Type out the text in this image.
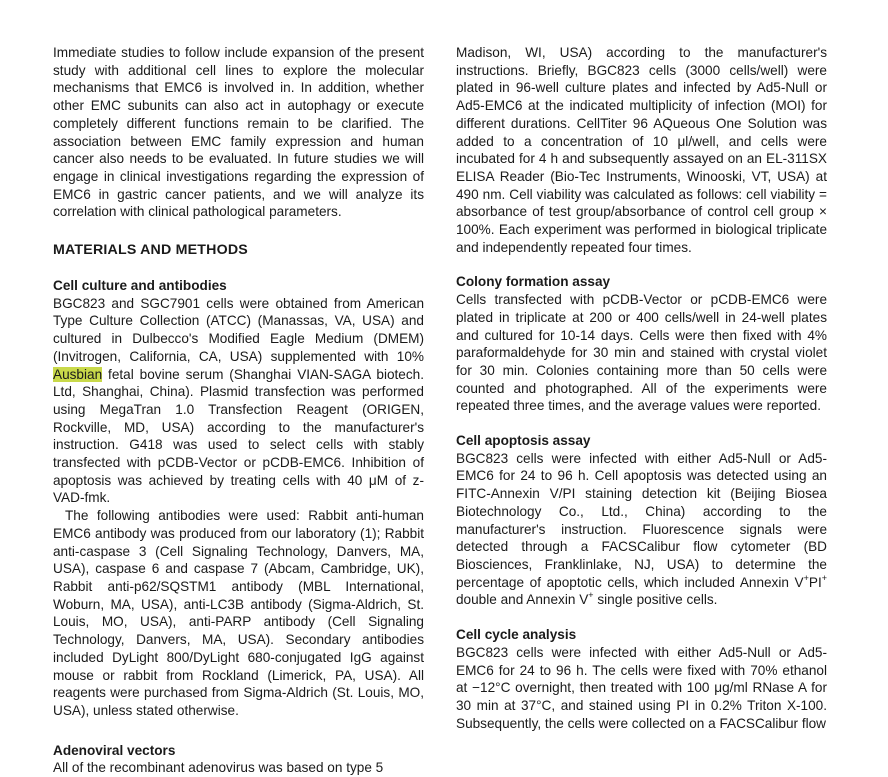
Immediate studies to follow include expansion of the present study with additional cell lines to explore the molecular mechanisms that EMC6 is involved in. In addition, whether other EMC subunits can also act in autophagy or execute completely different functions remain to be clarified. The association between EMC family expression and human cancer also needs to be evaluated. In future studies we will engage in clinical investigations regarding the expression of EMC6 in gastric cancer patients, and we will analyze its correlation with clinical pathological parameters.

MATERIALS AND METHODS
Cell culture and antibodies

BGC823 and SGC7901 cells were obtained from American Type Culture Collection (ATCC) (Manassas, VA, USA) and cultured in Dulbecco's Modified Eagle Medium (DMEM) (Invitrogen, California, CA, USA) supplemented with 10% Ausbian fetal bovine serum (Shanghai VIAN-SAGA biotech. Ltd, Shanghai, China). Plasmid transfection was performed using MegaTran 1.0 Transfection Reagent (ORIGEN, Rockville, MD, USA) according to the manufacturer's instruction. G418 was used to select cells with stably transfected with pCDB-Vector or pCDB-EMC6. Inhibition of apoptosis was achieved by treating cells with 40 μM of z-VAD-fmk.

The following antibodies were used: Rabbit anti-human EMC6 antibody was produced from our laboratory (1); Rabbit anti-caspase 3 (Cell Signaling Technology, Danvers, MA, USA), caspase 6 and caspase 7 (Abcam, Cambridge, UK), Rabbit anti-p62/SQSTM1 antibody (MBL International, Woburn, MA, USA), anti-LC3B antibody (Sigma-Aldrich, St. Louis, MO, USA), anti-PARP antibody (Cell Signaling Technology, Danvers, MA, USA). Secondary antibodies included DyLight 800/DyLight 680-conjugated IgG against mouse or rabbit from Rockland (Limerick, PA, USA). All reagents were purchased from Sigma-Aldrich (St. Louis, MO, USA), unless stated otherwise.

Adenoviral vectors

All of the recombinant adenovirus was based on type 5

Madison, WI, USA) according to the manufacturer's instructions. Briefly, BGC823 cells (3000 cells/well) were plated in 96-well culture plates and infected by Ad5-Null or Ad5-EMC6 at the indicated multiplicity of infection (MOI) for different durations. CellTiter 96 AQueous One Solution was added to a concentration of 10 μl/well, and cells were incubated for 4 h and subsequently assayed on an EL-311SX ELISA Reader (Bio-Tec Instruments, Winooski, VT, USA) at 490 nm. Cell viability was calculated as follows: cell viability = absorbance of test group/absorbance of control cell group × 100%. Each experiment was performed in biological triplicate and independently repeated four times.

Colony formation assay

Cells transfected with pCDB-Vector or pCDB-EMC6 were plated in triplicate at 200 or 400 cells/well in 24-well plates and cultured for 10-14 days. Cells were then fixed with 4% paraformaldehyde for 30 min and stained with crystal violet for 30 min. Colonies containing more than 50 cells were counted and photographed. All of the experiments were repeated three times, and the average values were reported.

Cell apoptosis assay

BGC823 cells were infected with either Ad5-Null or Ad5-EMC6 for 24 to 96 h. Cell apoptosis was detected using an FITC-Annexin V/PI staining detection kit (Beijing Biosea Biotechnology Co., Ltd., China) according to the manufacturer's instruction. Fluorescence signals were detected through a FACSCalibur flow cytometer (BD Biosciences, Franklinlake, NJ, USA) to determine the percentage of apoptotic cells, which included Annexin V+PI+ double and Annexin V+ single positive cells.

Cell cycle analysis

BGC823 cells were infected with either Ad5-Null or Ad5-EMC6 for 24 to 96 h. The cells were fixed with 70% ethanol at −12°C overnight, then treated with 100 μg/ml RNase A for 30 min at 37°C, and stained using PI in 0.2% Triton X-100. Subsequently, the cells were collected on a FACSCalibur flow
